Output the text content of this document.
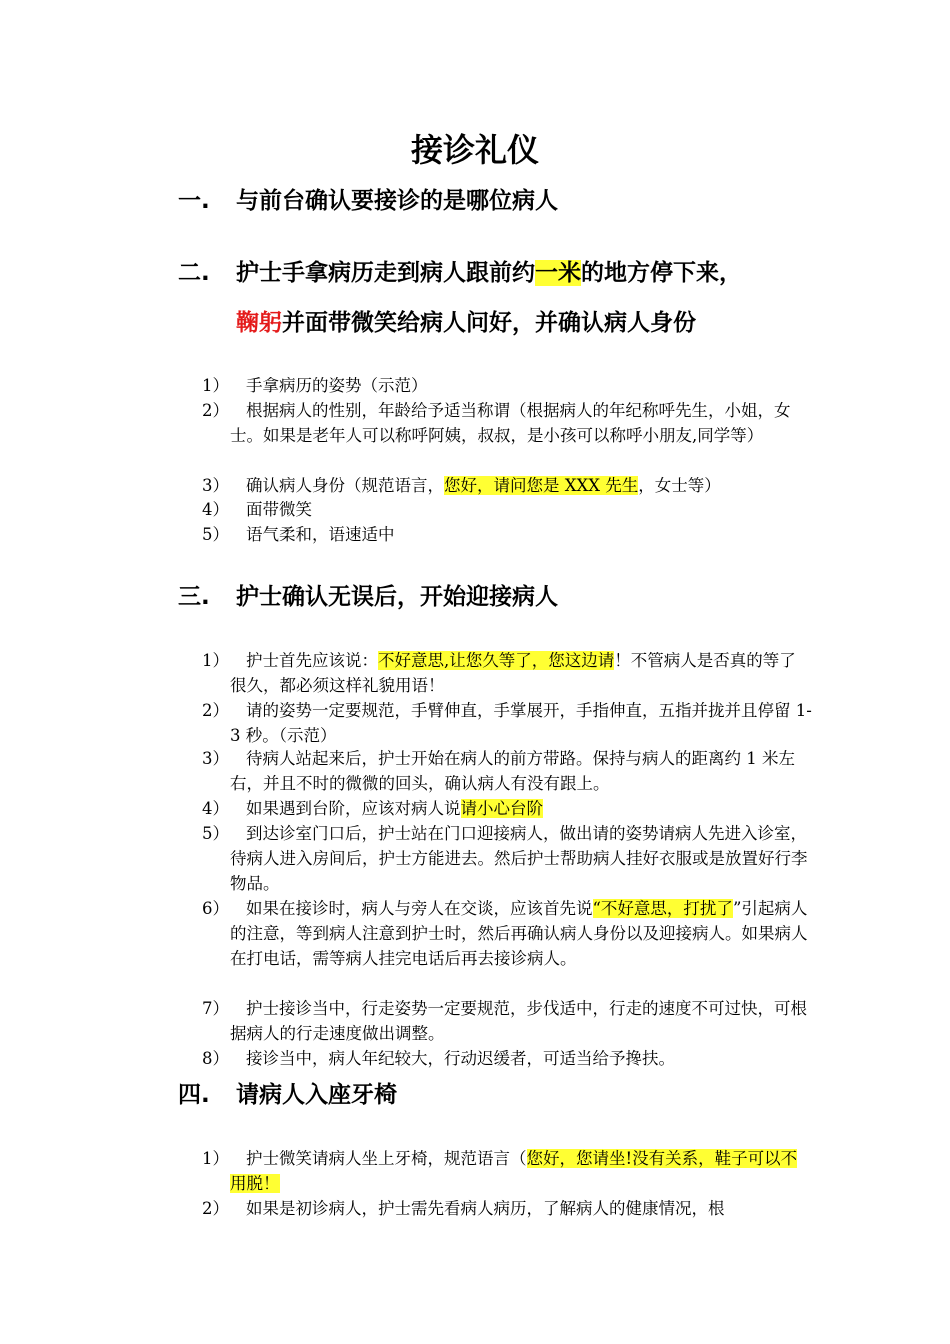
接诊礼仪
一. 与前台确认要接诊的是哪位病人
二. 护士手拿病历走到病人跟前约一米的地方停下来，
鞠躬并面带微笑给病人问好，并确认病人身份
1）	手拿病历的姿势（示范）
2）	根据病人的性别，年龄给予适当称谓（根据病人的年纪称呼先生，小姐，女士。如果是老年人可以称呼阿姨，叔叔，是小孩可以称呼小朋友,同学等）
3）	确认病人身份（规范语言，您好，请问您是 XXX 先生，女士等）
4）	面带微笑
5）	语气柔和，语速适中
三. 护士确认无误后，开始迎接病人
1）	护士首先应该说：不好意思,让您久等了，您这边请！不管病人是否真的等了很久，都必须这样礼貌用语！
2）	请的姿势一定要规范，手臂伸直，手掌展开，手指伸直，五指并拢并且停留 1-3 秒。（示范）
3）	待病人站起来后，护士开始在病人的前方带路。保持与病人的距离约 1 米左右，并且不时的微微的回头，确认病人有没有跟上。
4）	如果遇到台阶，应该对病人说请小心台阶
5）	到达诊室门口后，护士站在门口迎接病人，做出请的姿势请病人先进入诊室，待病人进入房间后，护士方能进去。然后护士帮助病人挂好衣服或是放置好行李物品。
6）	如果在接诊时，病人与旁人在交谈，应该首先说“不好意思，打扰了”引起病人的注意，等到病人注意到护士时，然后再确认病人身份以及迎接病人。如果病人在打电话，需等病人挂完电话后再去接诊病人。
7）	护士接诊当中，行走姿势一定要规范，步伐适中，行走的速度不可过快，可根据病人的行走速度做出调整。
8）	接诊当中，病人年纪较大，行动迟缓者，可适当给予搀扶。
四. 请病人入座牙椅
1）	护士微笑请病人坐上牙椅，规范语言（您好，您请坐!没有关系，鞋子可以不用脱！
2）	如果是初诊病人，护士需先看病人病历，了解病人的健康情况，根
